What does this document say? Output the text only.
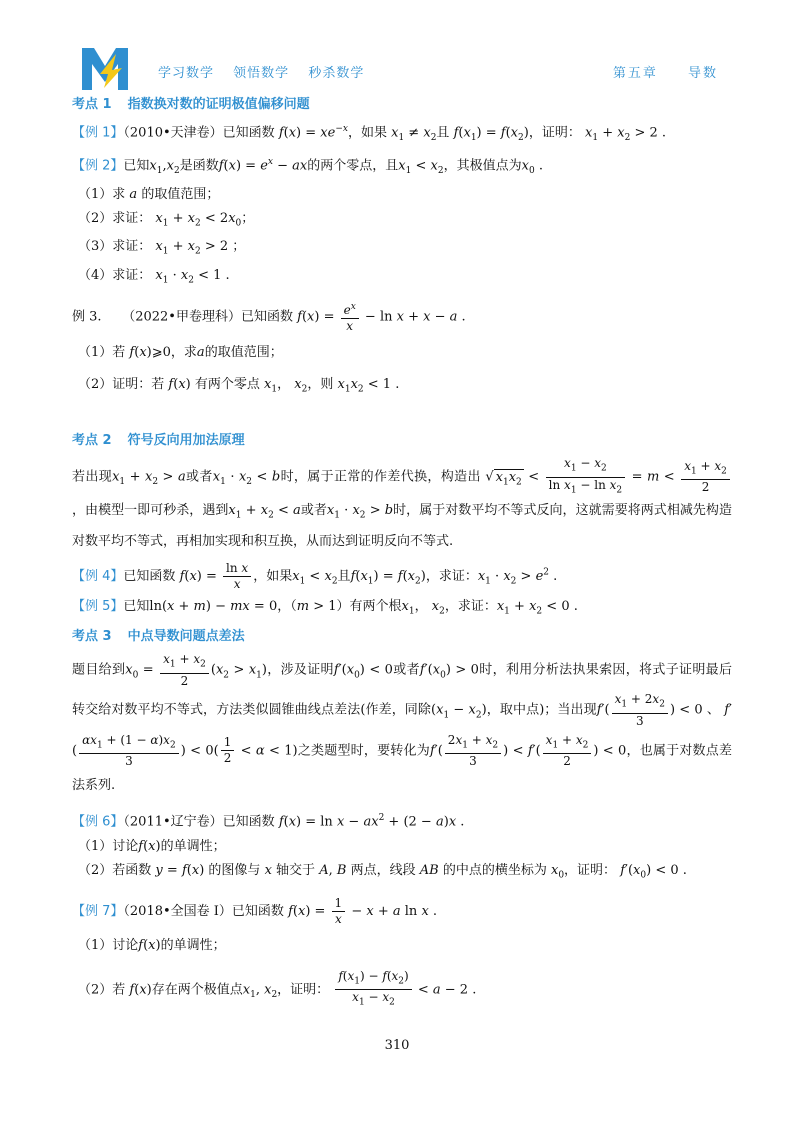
学习数学 领悟数学 秒杀数学	第五章 导数
考点 1 指数换对数的证明极值偏移问题
【例 1】（2010•天津卷）已知函数 $f(x) = xe^{-x}$，如果 $x_1 \ne x_2$且 $f(x_1) = f(x_2)$，证明： $x_1 + x_2 > 2$ .
【例 2】已知$x_1,x_2$是函数$f(x) = e^x$ − ax的两个零点，且$x_1 < x_2$，其极值点为$x_0$ .
（1）求 a 的取值范围；
（2）求证： $x_1 + x_2 < 2x_0$；
（3）求证： $x_1 + x_2 > 2$ ；
（4）求证： $x_1 \cdot x_2 < 1$ .
例 3. （2022•甲卷理科）已知函数 $f(x) = \frac{e^x}{x} - \ln x + x - a$ .
（1）若 f(x)⩾0，求a的取值范围；
（2）证明：若 f(x) 有两个零点 $x_1$， $x_2$，则 $x_1x_2 < 1$ .
考点 2 符号反向用加法原理
若出现$x_1 + x_2 > a$或者$x_1 \cdot x_2 < b$时，属于正常的作差代换，构造出 √ $x_1x_2 < \frac{x_1 - x_2}{\ln x_1 - \ln x_2} = m < \frac{x_1 + x_2}{2}$
，由模型一即可秒杀，遇到$x_1 + x_2 < a$或者$x_1 \cdot x_2 > b$时，属于对数平均不等式反向，这就需要将两式相减先构造对数平均不等式，再相加实现和积互换，从而达到证明反向不等式.
【例 4】已知函数 $f(x) = \frac{\text{ln x}}{x}$ ，如果$x_1 < x_2$且$f(x_1) = f(x_2)$，求证：$x_1 \cdot x_2 > e^2$ .
【例 5】已知ln(x + m) − mx = 0，（m > 1）有两个根$x_1$， $x_2$，求证：$x_1 + x_2 < 0$ .
考点 3 中点导数问题点差法
题目给到$x_0 = \frac{x_1 + x_2}{2} (x_2 > x_1)$，涉及证明$f'(x_0) < 0$或者$f'(x_0) > 0$时，利用分析法执果索因，将式子证明最后转交给对数平均不等式，方法类似圆锥曲线点差法(作差，同除$(x_1 - x_2)$，取中点)；当出现$f'( \frac{x_1 + 2x_2}{3}$ ) < 0 、 $f'( \frac{\alpha x_1 + (1 - \alpha)x_2}{3}$ ) < $0( \frac{1}{2} < \alpha < 1)$之类题型时，要转化为$f'( \frac{2x_1 + x_2}{3}$ ) < $f'( \frac{x_1 + x_2}{2}$ ) < 0，也属于对数点差法系列.
【例 6】（2011•辽宁卷）已知函数 $f(x) = \ln x - ax^2 + (2 - a)x$ .
（1）讨论f(x)的单调性；
（2）若函数 y = f(x) 的图像与 x 轴交于 A, B 两点，线段 AB 的中点的横坐标为 $x_0$，证明： $f'(x_0) < 0$ .
【例 7】（2018•全国卷 I）已知函数 $f(x) = \frac{1}{x} - x + a$ ln x .
（1）讨论f(x)的单调性；
（2）若 f(x)存在两个极值点$x_1$, $x_2$，证明： $\frac{f(x_1) - f(x_2)}{x_1 - x_2} < a - 2$ .
310
